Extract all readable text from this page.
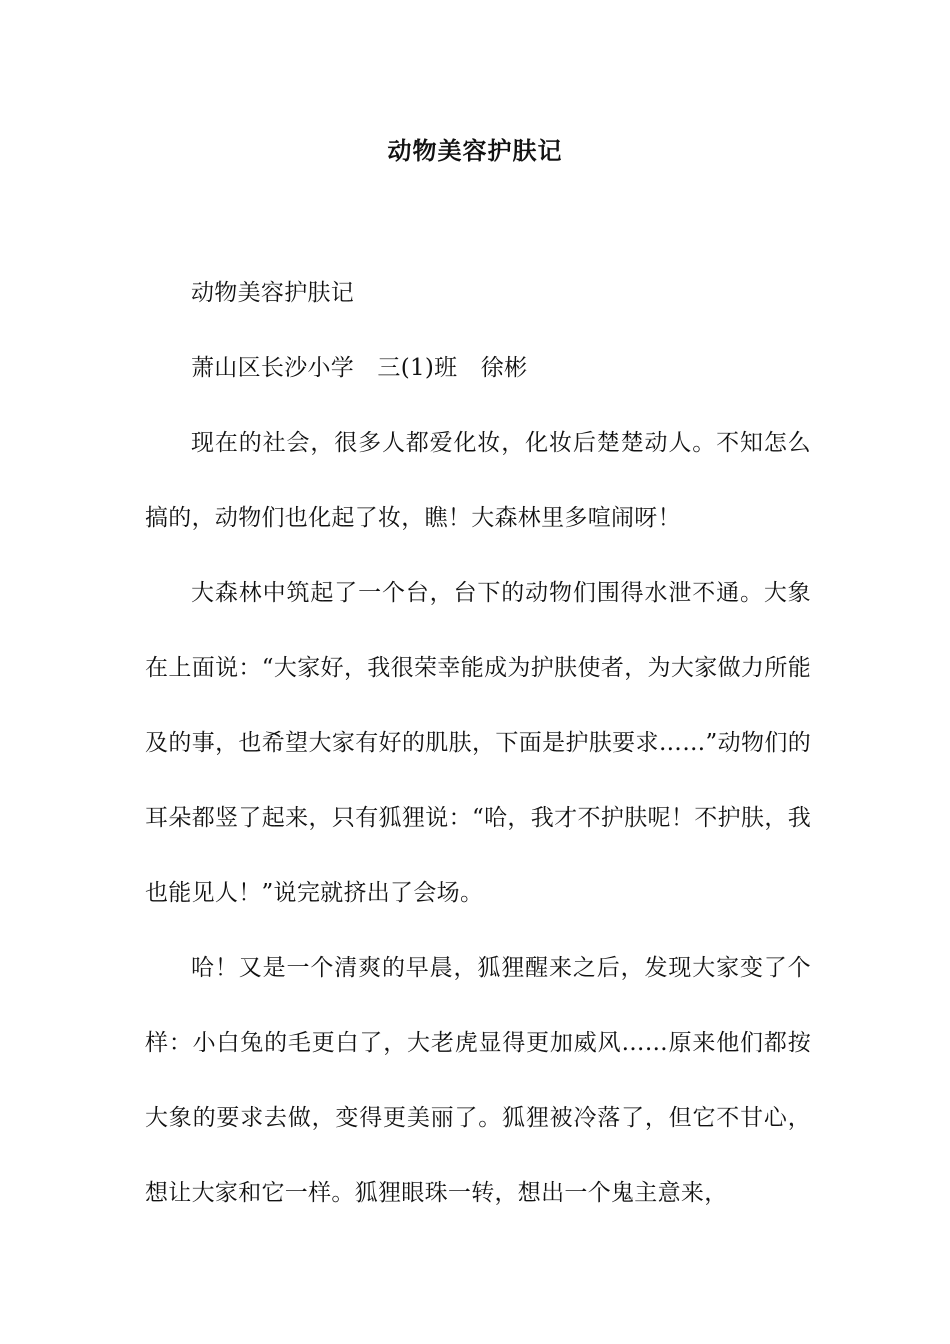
动物美容护肤记

动物美容护肤记

萧山区长沙小学　三(1)班　徐彬

现在的社会，很多人都爱化妆，化妆后楚楚动人。不知怎么搞的，动物们也化起了妆，瞧！大森林里多喧闹呀！

大森林中筑起了一个台，台下的动物们围得水泄不通。大象在上面说：“大家好，我很荣幸能成为护肤使者，为大家做力所能及的事，也希望大家有好的肌肤，下面是护肤要求……”动物们的耳朵都竖了起来，只有狐狸说：“哈，我才不护肤呢！不护肤，我也能见人！”说完就挤出了会场。

哈！又是一个清爽的早晨，狐狸醒来之后，发现大家变了个样：小白兔的毛更白了，大老虎显得更加威风……原来他们都按大象的要求去做，变得更美丽了。狐狸被冷落了，但它不甘心，想让大家和它一样。狐狸眼珠一转，想出一个鬼主意来，
